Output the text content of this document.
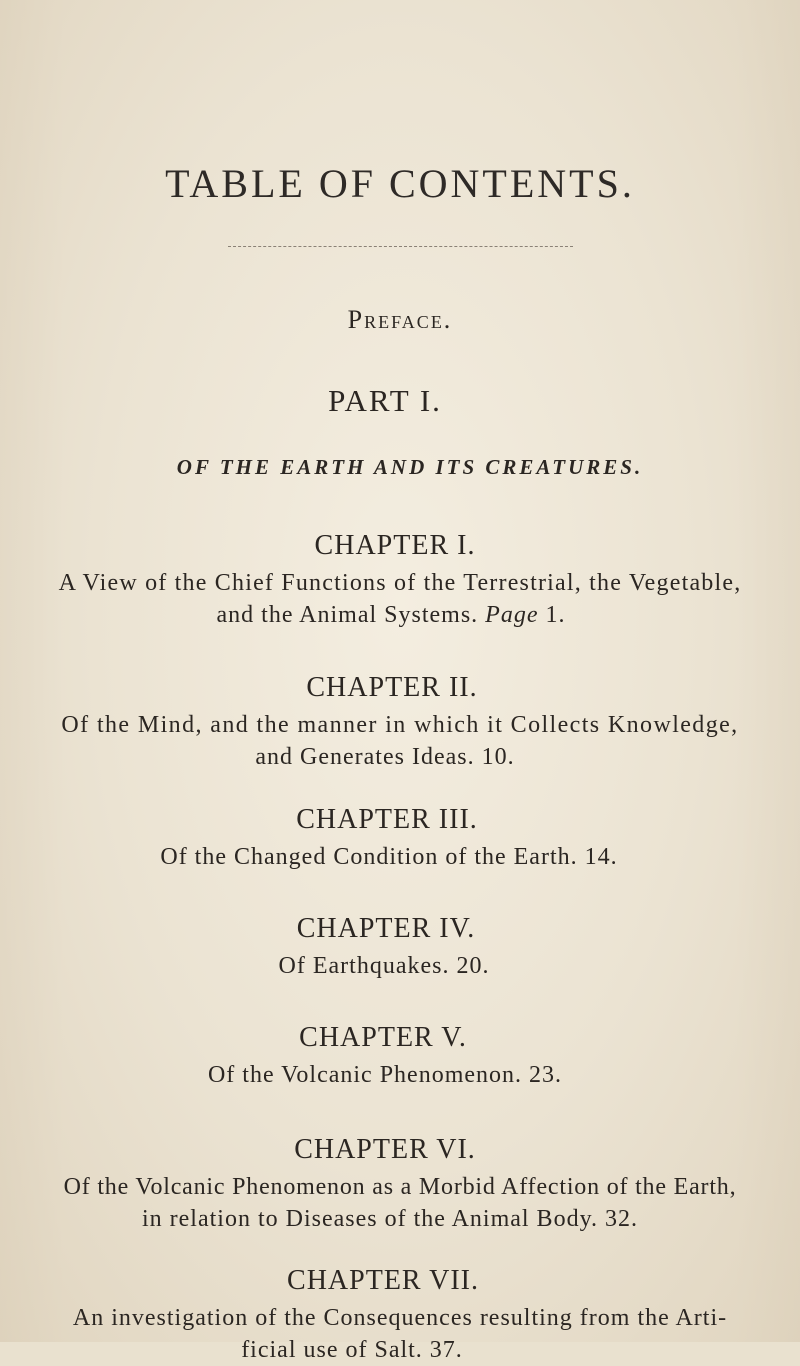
TABLE OF CONTENTS.
Preface.
PART I.
OF THE EARTH AND ITS CREATURES.
CHAPTER I.
A View of the Chief Functions of the Terrestrial, the Vegetable,
and the Animal Systems. Page 1.
CHAPTER II.
Of the Mind, and the manner in which it Collects Knowledge,
and Generates Ideas. 10.
CHAPTER III.
Of the Changed Condition of the Earth. 14.
CHAPTER IV.
Of Earthquakes. 20.
CHAPTER V.
Of the Volcanic Phenomenon. 23.
CHAPTER VI.
Of the Volcanic Phenomenon as a Morbid Affection of the Earth,
in relation to Diseases of the Animal Body. 32.
CHAPTER VII.
An investigation of the Consequences resulting from the Arti-
ficial use of Salt. 37.
